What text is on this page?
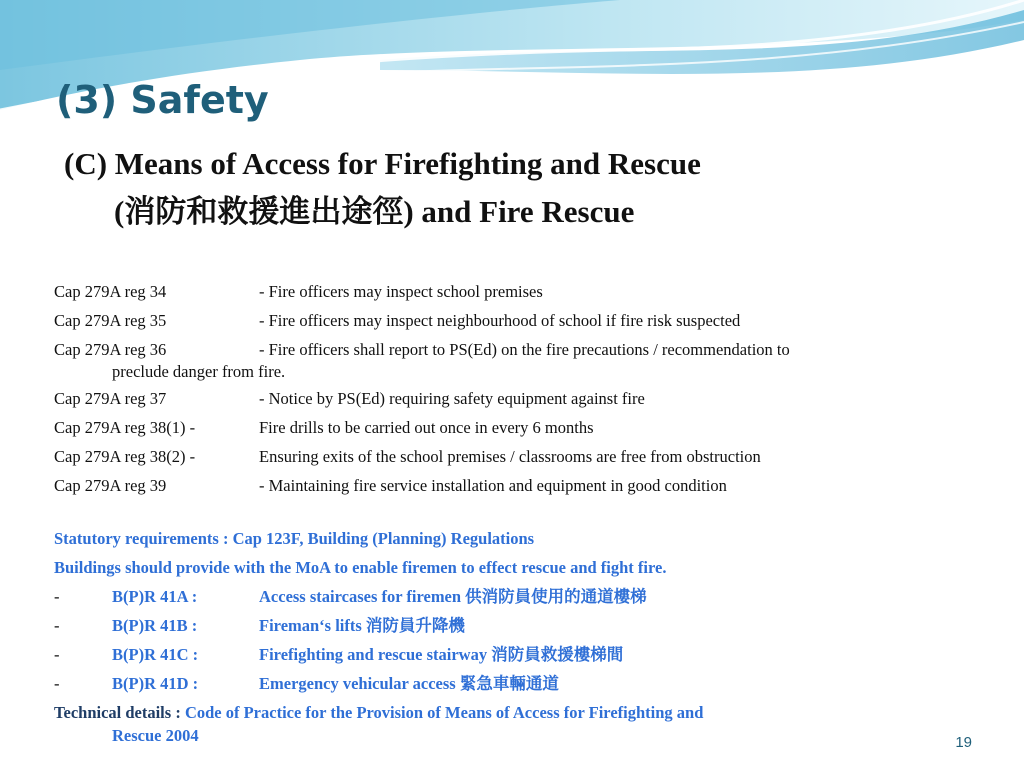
(3) Safety
(C) Means of Access for Firefighting and Rescue
(消防和救援進出途徑) and Fire Rescue
Cap 279A reg 34	- Fire officers may inspect school premises
Cap 279A reg 35	- Fire officers may inspect neighbourhood of school if fire risk suspected
Cap 279A reg 36	- Fire officers shall report to PS(Ed) on the fire precautions / recommendation to
preclude danger from fire.
Cap 279A reg 37	- Notice by PS(Ed) requiring safety equipment against fire
Cap 279A reg 38(1) -	Fire drills to be carried out once in every 6 months
Cap 279A reg 38(2) -	Ensuring exits of the school premises / classrooms are free from obstruction
Cap 279A reg 39	- Maintaining fire service installation and equipment in good condition
Statutory requirements : Cap 123F, Building (Planning) Regulations
Buildings should provide with the MoA to enable firemen to effect rescue and fight fire.
-	B(P)R 41A :	Access staircases for firemen 供消防員使用的通道樓梯
-	B(P)R 41B :	Fireman‘s lifts 消防員升降機
-	B(P)R 41C :	Firefighting and rescue stairway 消防員救援樓梯間
-	B(P)R 41D :	Emergency vehicular access 緊急車輛通道
Technical details : Code of Practice for the Provision of Means of Access for Firefighting and
Rescue 2004	19
